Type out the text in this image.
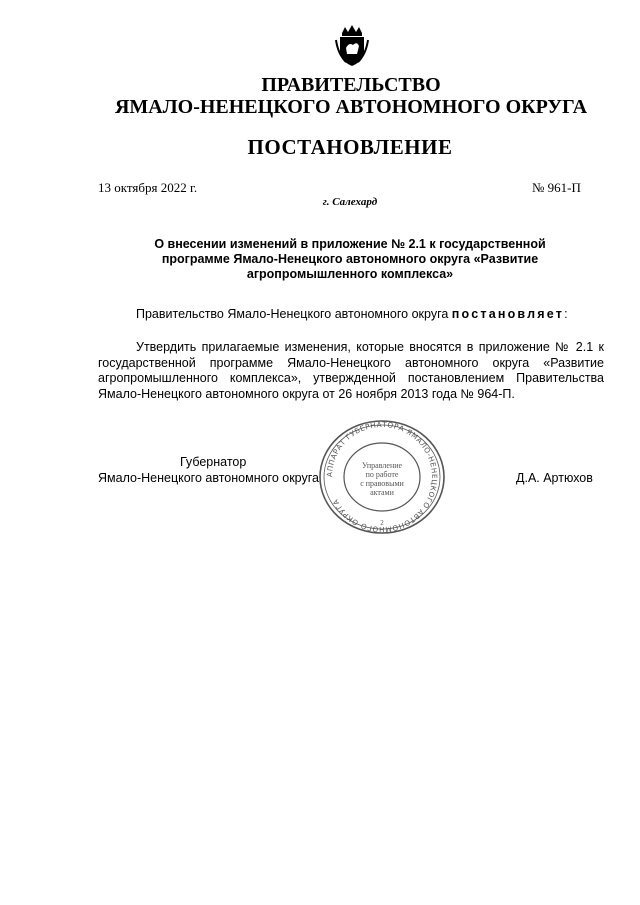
ПРАВИТЕЛЬСТВО
ЯМАЛО-НЕНЕЦКОГО АВТОНОМНОГО ОКРУГА
ПОСТАНОВЛЕНИЕ
13 октября 2022 г.	№ 961-П
г. Салехард
О внесении изменений в приложение № 2.1 к государственной
программе Ямало-Ненецкого автономного округа «Развитие
агропромышленного комплекса»
Правительство Ямало-Ненецкого автономного округа постановляет:
Утвердить прилагаемые изменения, которые вносятся в приложение № 2.1 к государственной программе Ямало-Ненецкого автономного округа «Развитие агропромышленного комплекса», утвержденной постановлением Правительства Ямало-Ненецкого автономного округа от 26 ноября 2013 года № 964-П.
Губернатор
Ямало-Ненецкого автономного округа	Д.А. Артюхов
АППАРАТ ГУБЕРНАТОРА ЯМАЛО-НЕНЕЦКОГО АВТОНОМНОГО ОКРУГА
Управление
по работе
с правовыми
актами
2
